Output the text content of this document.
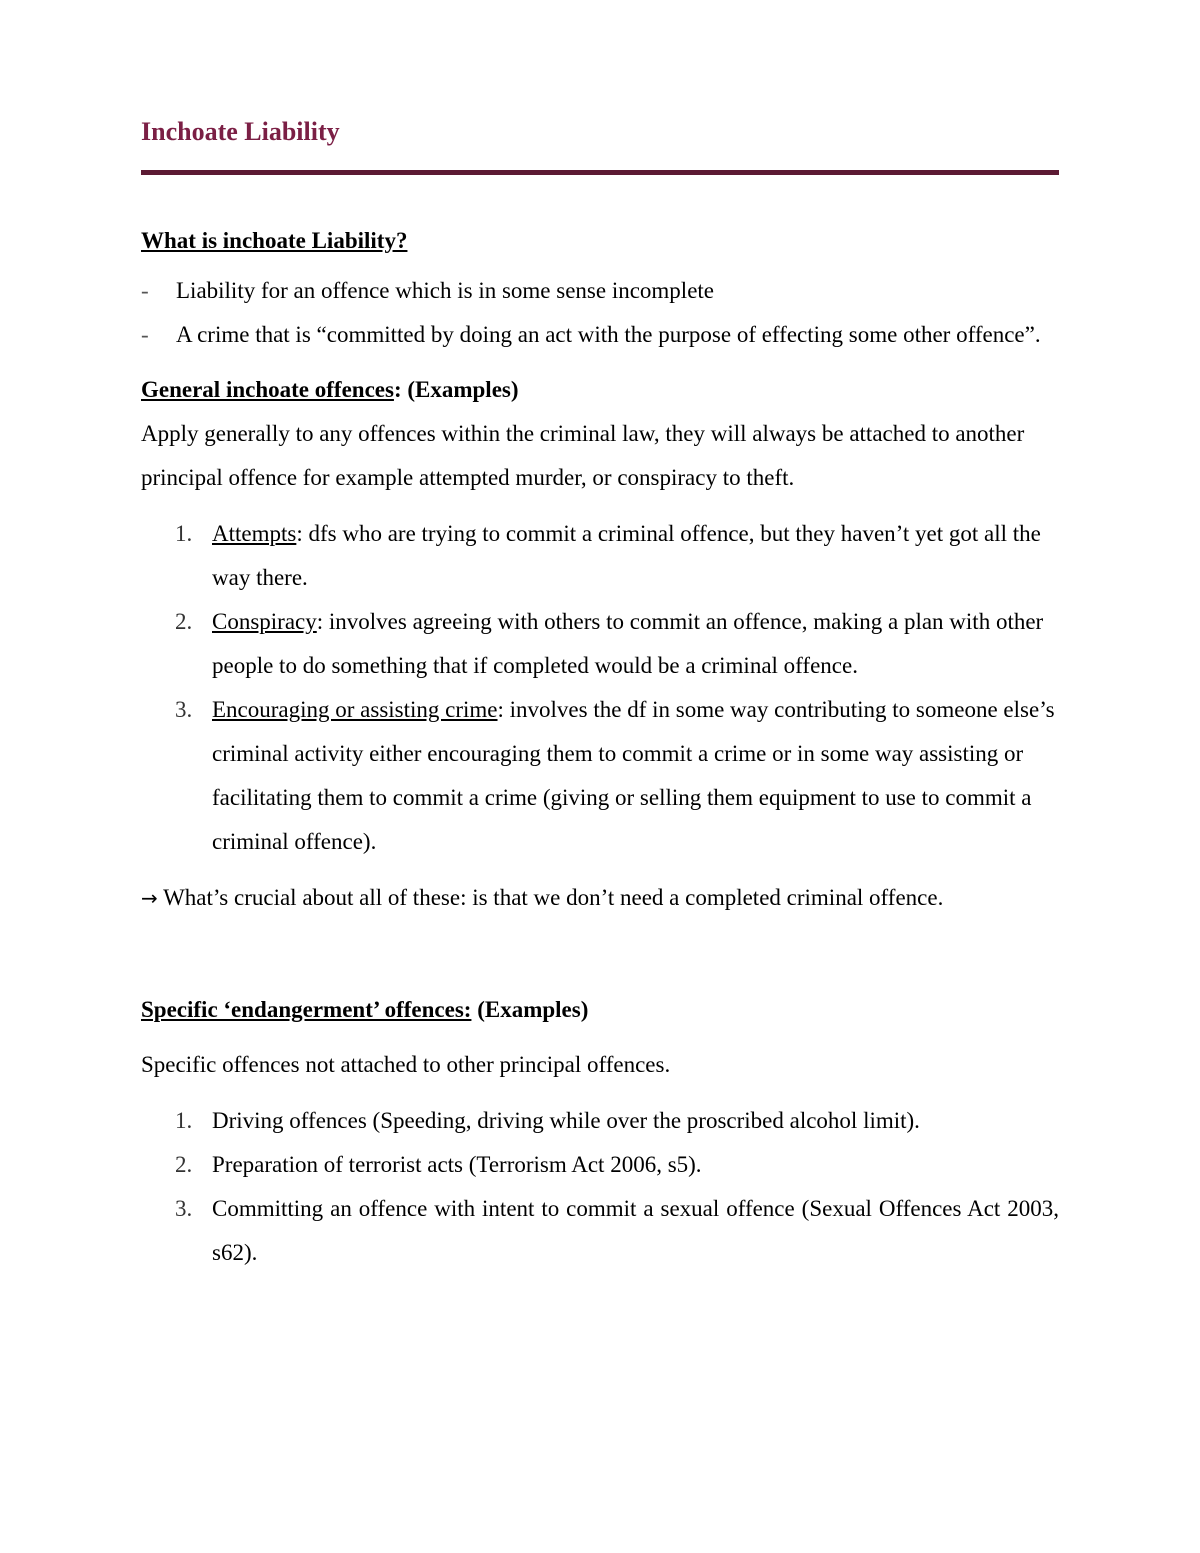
Inchoate Liability

What is inchoate Liability?

- Liability for an offence which is in some sense incomplete
- A crime that is “committed by doing an act with the purpose of effecting some other offence”.

General inchoate offences: (Examples)

Apply generally to any offences within the criminal law, they will always be attached to another principal offence for example attempted murder, or conspiracy to theft.

1. Attempts: dfs who are trying to commit a criminal offence, but they haven’t yet got all the way there.
2. Conspiracy: involves agreeing with others to commit an offence, making a plan with other people to do something that if completed would be a criminal offence.
3. Encouraging or assisting crime: involves the df in some way contributing to someone else’s criminal activity either encouraging them to commit a crime or in some way assisting or facilitating them to commit a crime (giving or selling them equipment to use to commit a criminal offence).

→ What’s crucial about all of these: is that we don’t need a completed criminal offence.

Specific ‘endangerment’ offences: (Examples)

Specific offences not attached to other principal offences.

1. Driving offences (Speeding, driving while over the proscribed alcohol limit).
2. Preparation of terrorist acts (Terrorism Act 2006, s5).
3. Committing an offence with intent to commit a sexual offence (Sexual Offences Act 2003, s62).
